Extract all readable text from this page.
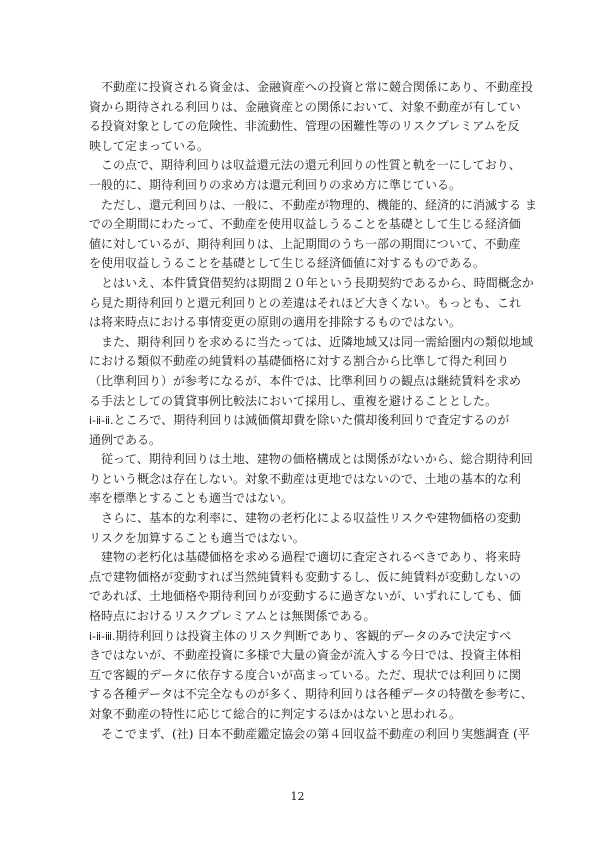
　不動産に投資される資金は、金融資産への投資と常に競合関係にあり、不動産投
資から期待される利回りは、金融資産との関係において、対象不動産が有してい
る投資対象としての危険性、非流動性、管理の困難性等のリスクプレミアムを反
映して定まっている。

　この点で、期待利回りは収益還元法の還元利回りの性質と軌を一にしており、
一般的に、期待利回りの求め方は還元利回りの求め方に準じている。

　ただし、還元利回りは、一般に、不動産が物理的、機能的、経済的に消滅する ま
での全期間にわたって、不動産を使用収益しうることを基礎として生じる経済価
値に対しているが、期待利回りは、上記期間のうち一部の期間について、不動産
を使用収益しうることを基礎として生じる経済価値に対するものである。

　とはいえ、本件賃貸借契約は期間２０年という長期契約であるから、時間概念か
ら見た期待利回りと還元利回りとの差違はそれほど大きくない。もっとも、これ
は将来時点における事情変更の原則の適用を排除するものではない。

　また、期待利回りを求めるに当たっては、近隣地域又は同一需給圏内の類似地域
における類似不動産の純賃料の基礎価格に対する割合から比準して得た利回り
（比準利回り）が参考になるが、本件では、比準利回りの観点は継続賃料を求め
る手法としての賃貸事例比較法において採用し、重複を避けることとした。

ⅰ-ⅱ-ⅱ.ところで、期待利回りは減価償却費を除いた償却後利回りで査定するのが
通例である。

　従って、期待利回りは土地、建物の価格構成とは関係がないから、総合期待利回
りという概念は存在しない。対象不動産は更地ではないので、土地の基本的な利
率を標準とすることも適当ではない。

　さらに、基本的な利率に、建物の老朽化による収益性リスクや建物価格の変動
リスクを加算することも適当ではない。

　建物の老朽化は基礎価格を求める過程で適切に査定されるべきであり、将来時
点で建物価格が変動すれば当然純賃料も変動するし、仮に純賃料が変動しないの
であれば、土地価格や期待利回りが変動するに過ぎないが、いずれにしても、価
格時点におけるリスクプレミアムとは無関係である。

ⅰ-ⅱ-ⅲ.期待利回りは投資主体のリスク判断であり、客観的データのみで決定すべ
きではないが、不動産投資に多様で大量の資金が流入する今日では、投資主体相
互で客観的データに依存する度合いが高まっている。ただ、現状では利回りに関
する各種データは不完全なものが多く、期待利回りは各種データの特徴を参考に、
対象不動産の特性に応じて総合的に判定するほかはないと思われる。

　そこでまず、(社) 日本不動産鑑定協会の第４回収益不動産の利回り実態調査 (平

12
